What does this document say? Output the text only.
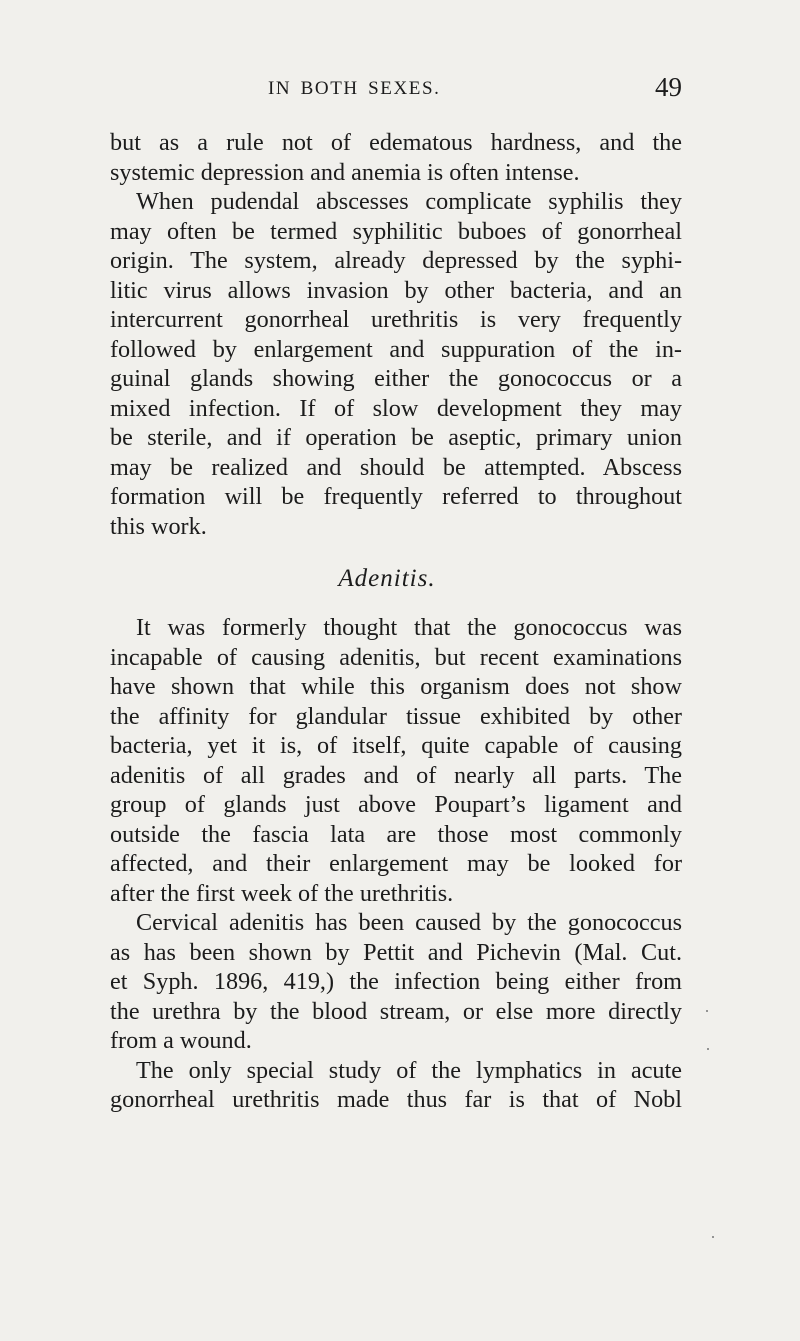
IN BOTH SEXES.	49
but as a rule not of edematous hardness, and the
systemic depression and anemia is often intense.
When pudendal abscesses complicate syphilis they
may often be termed syphilitic buboes of gonorrheal
origin. The system, already depressed by the syphi-
litic virus allows invasion by other bacteria, and an
intercurrent gonorrheal urethritis is very frequently
followed by enlargement and suppuration of the in-
guinal glands showing either the gonococcus or a
mixed infection. If of slow development they may
be sterile, and if operation be aseptic, primary union
may be realized and should be attempted. Abscess
formation will be frequently referred to throughout
this work.
Adenitis.
It was formerly thought that the gonococcus was
incapable of causing adenitis, but recent examinations
have shown that while this organism does not show
the affinity for glandular tissue exhibited by other
bacteria, yet it is, of itself, quite capable of causing
adenitis of all grades and of nearly all parts. The
group of glands just above Poupart’s ligament and
outside the fascia lata are those most commonly
affected, and their enlargement may be looked for
after the first week of the urethritis.
Cervical adenitis has been caused by the gonococcus
as has been shown by Pettit and Pichevin (Mal. Cut.
et Syph. 1896, 419,) the infection being either from
the urethra by the blood stream, or else more directly
from a wound.
The only special study of the lymphatics in acute
gonorrheal urethritis made thus far is that of Nobl
